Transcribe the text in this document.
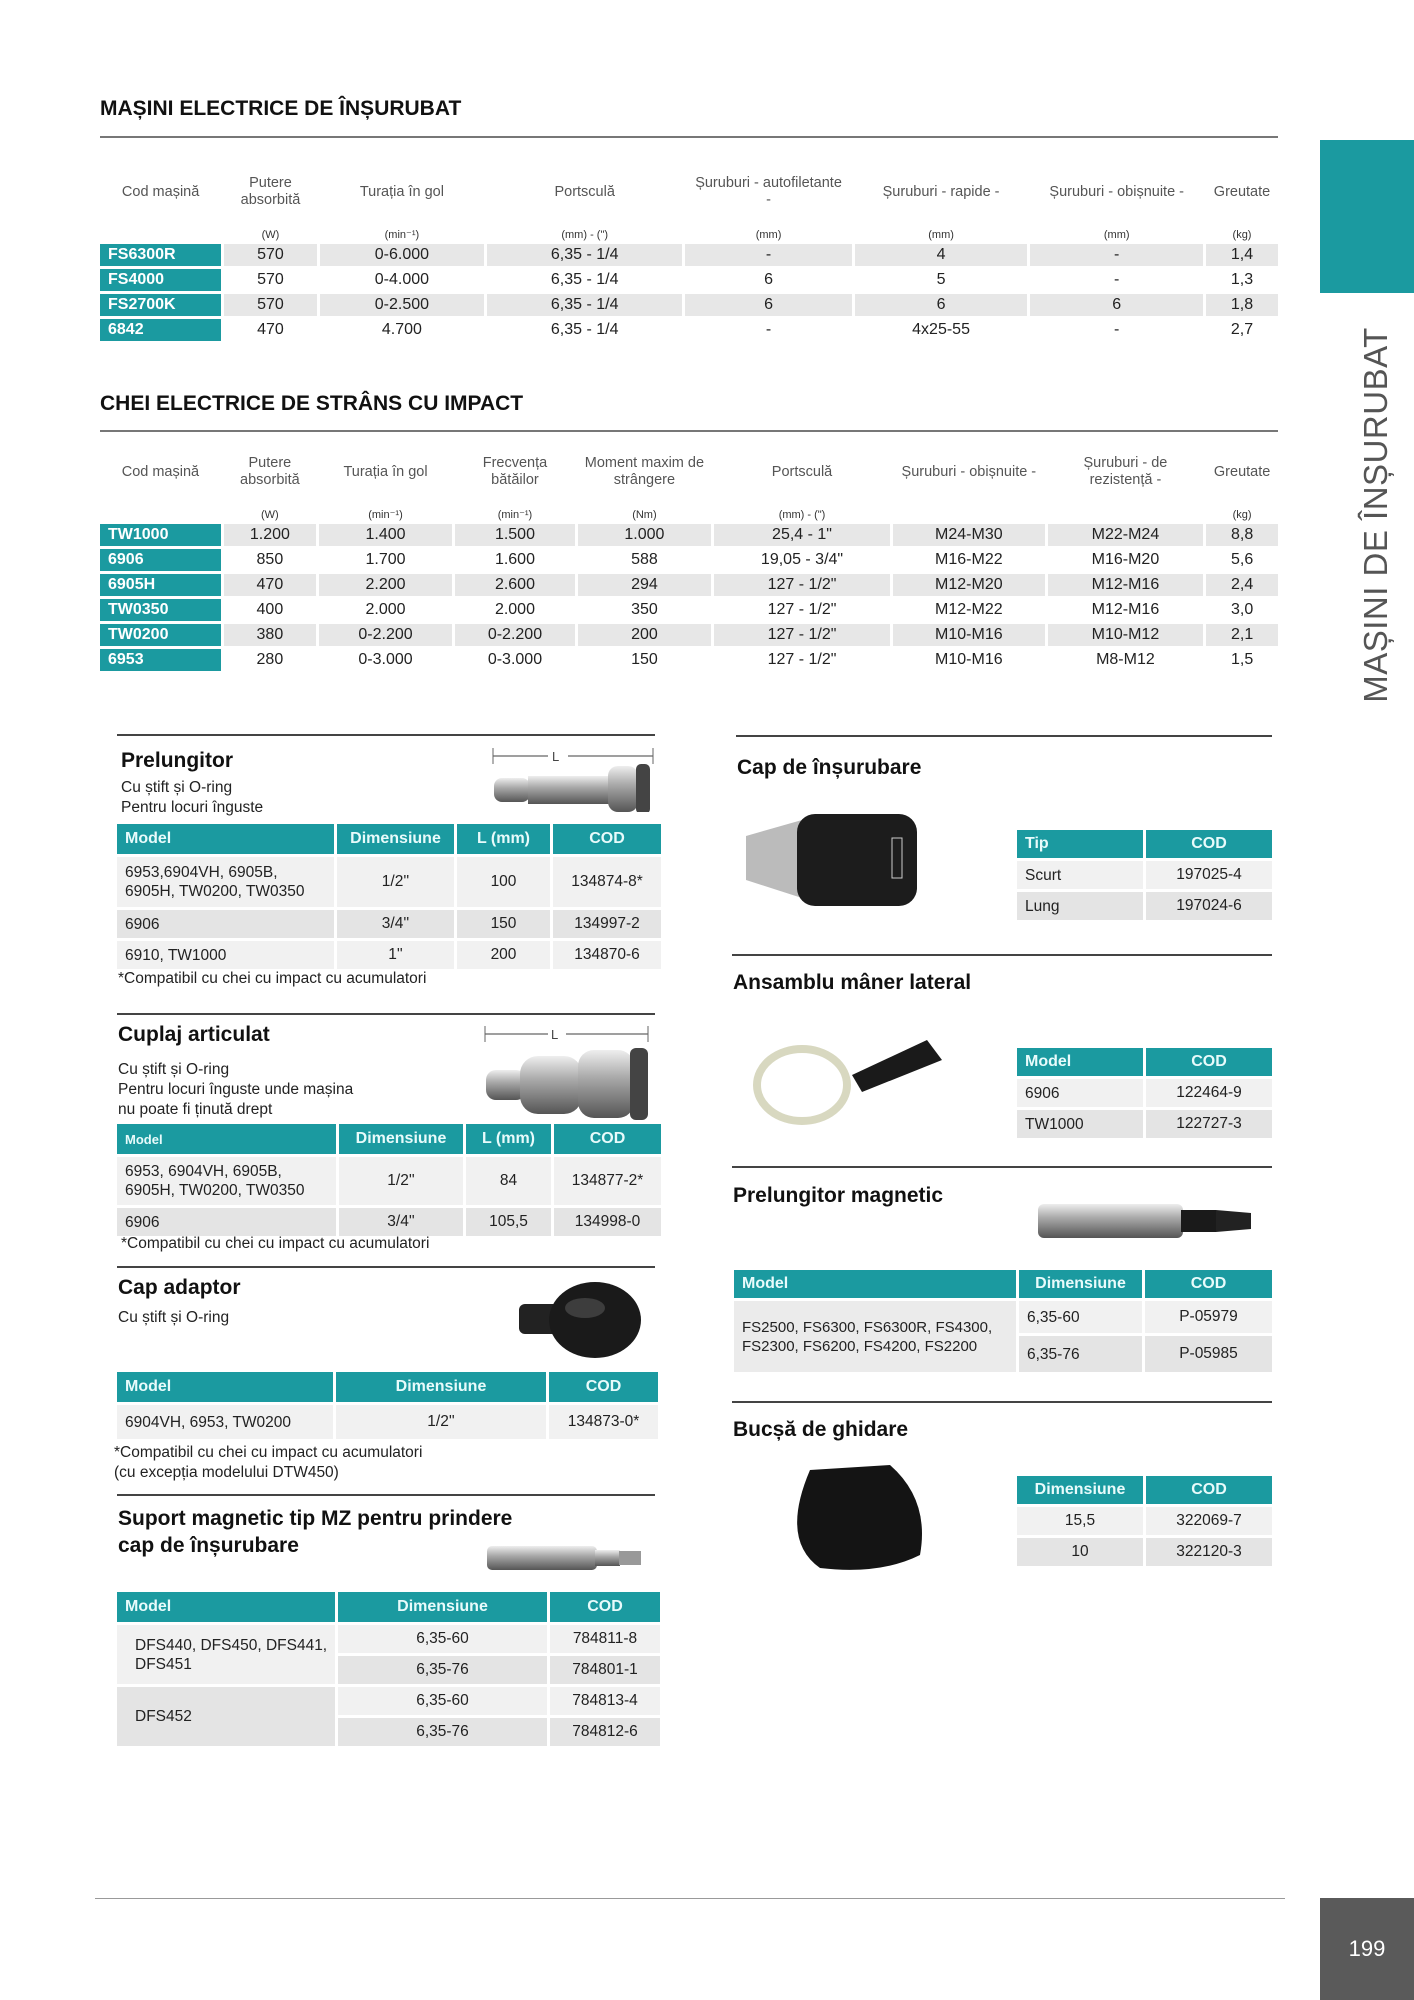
MAȘINI DE ÎNȘURUBAT
199
MAȘINI ELECTRICE DE ÎNȘURUBAT
Cod mașină	Putere absorbită	Turația în gol	Portsculă	Șuruburi - autofiletante -	Șuruburi - rapide -	Șuruburi - obișnuite -	Greutate
	(W)	(min⁻¹)	(mm) - (")	(mm)	(mm)	(mm)	(kg)
FS6300R	570	0-6.000	6,35 - 1/4	-	4	-	1,4
FS4000	570	0-4.000	6,35 - 1/4	6	5	-	1,3
FS2700K	570	0-2.500	6,35 - 1/4	6	6	6	1,8
6842	470	4.700	6,35 - 1/4	-	4x25-55	-	2,7
CHEI ELECTRICE DE STRÂNS CU IMPACT
Cod mașină	Putere absorbită	Turația în gol	Frecvența bătăilor	Moment maxim de strângere	Portsculă	Șuruburi - obișnuite -	Șuruburi - de rezistență -	Greutate
	(W)	(min⁻¹)	(min⁻¹)	(Nm)	(mm) - (")			(kg)
TW1000	1.200	1.400	1.500	1.000	25,4 - 1"	M24-M30	M22-M24	8,8
6906	850	1.700	1.600	588	19,05 - 3/4"	M16-M22	M16-M20	5,6
6905H	470	2.200	2.600	294	127 - 1/2"	M12-M20	M12-M16	2,4
TW0350	400	2.000	2.000	350	127 - 1/2"	M12-M22	M12-M16	3,0
TW0200	380	0-2.200	0-2.200	200	127 - 1/2"	M10-M16	M10-M12	2,1
6953	280	0-3.000	0-3.000	150	127 - 1/2"	M10-M16	M8-M12	1,5
Prelungitor
Cu știft și O-ring
Pentru locuri înguste
L
Model	Dimensiune	L (mm)	COD
6953,6904VH, 6905B, 6905H, TW0200, TW0350	1/2''	100	134874-8*
6906	3/4''	150	134997-2
6910, TW1000	1''	200	134870-6
*Compatibil cu chei cu impact cu acumulatori
Cuplaj articulat
Cu știft și O-ring
Pentru locuri înguste unde mașina
nu poate fi ținută drept
L
Model	Dimensiune	L (mm)	COD
6953, 6904VH, 6905B, 6905H, TW0200, TW0350	1/2''	84	134877-2*
6906	3/4''	105,5	134998-0
*Compatibil cu chei cu impact cu acumulatori
Cap adaptor
Cu știft și O-ring
Model	Dimensiune	COD
6904VH, 6953, TW0200	1/2''	134873-0*
*Compatibil cu chei cu impact cu acumulatori
(cu excepția modelului DTW450)
Suport magnetic tip MZ pentru prindere
cap de înșurubare
Model	Dimensiune	COD
DFS440, DFS450, DFS441, DFS451	6,35-60	784811-8
	6,35-76	784801-1
DFS452	6,35-60	784813-4
	6,35-76	784812-6
Cap de înșurubare
Tip	COD
Scurt	197025-4
Lung	197024-6
Ansamblu mâner lateral
Model	COD
6906	122464-9
TW1000	122727-3
Prelungitor magnetic
Model	Dimensiune	COD
FS2500, FS6300, FS6300R, FS4300, FS2300, FS6200, FS4200, FS2200	6,35-60	P-05979
	6,35-76	P-05985
Bucșă de ghidare
Dimensiune	COD
15,5	322069-7
10	322120-3
